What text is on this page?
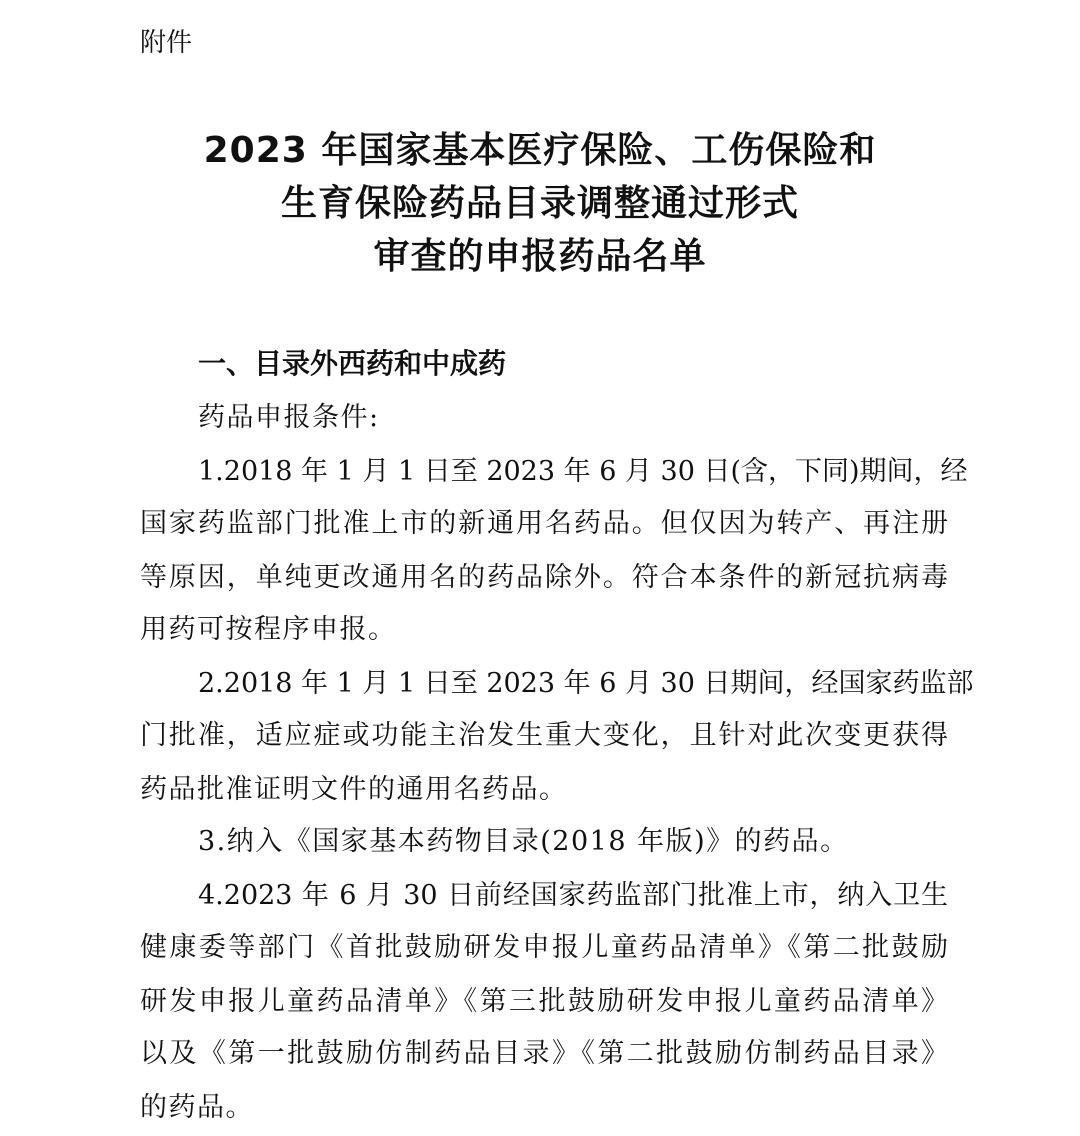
附件
2023 年国家基本医疗保险、工伤保险和
生育保险药品目录调整通过形式
审查的申报药品名单
一、目录外西药和中成药
药品申报条件:
1.2018 年 1 月 1 日至 2023 年 6 月 30 日(含，下同)期间，经
国家药监部门批准上市的新通用名药品。但仅因为转产、再注册
等原因，单纯更改通用名的药品除外。符合本条件的新冠抗病毒
用药可按程序申报。
2.2018 年 1 月 1 日至 2023 年 6 月 30 日期间，经国家药监部
门批准，适应症或功能主治发生重大变化，且针对此次变更获得
药品批准证明文件的通用名药品。
3.纳入《国家基本药物目录(2018 年版)》的药品。
4.2023 年 6 月 30 日前经国家药监部门批准上市，纳入卫生
健康委等部门《首批鼓励研发申报儿童药品清单》《第二批鼓励
研发申报儿童药品清单》《第三批鼓励研发申报儿童药品清单》
以及《第一批鼓励仿制药品目录》《第二批鼓励仿制药品目录》
的药品。
